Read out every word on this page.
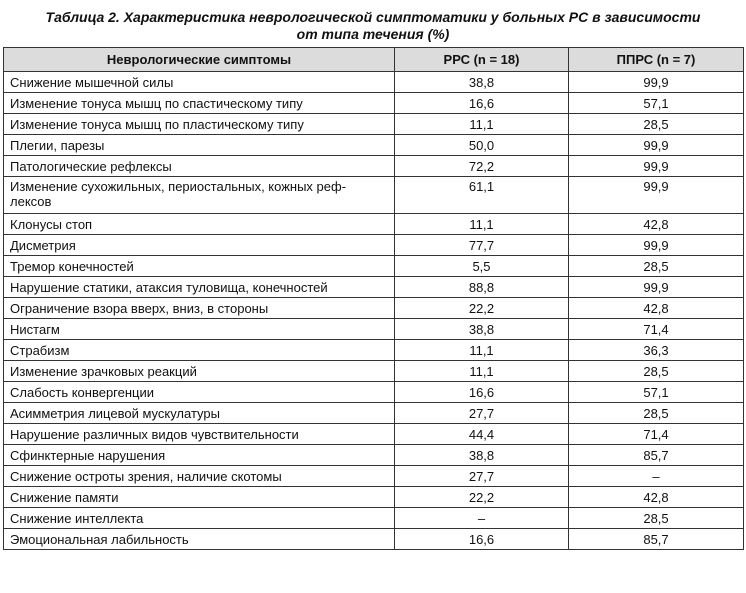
Таблица 2. Характеристика неврологической симптоматики у больных РС в зависимости
от типа течения (%)
Неврологические симптомы	РРС (n = 18)	ППРС (n = 7)
Снижение мышечной силы	38,8	99,9
Изменение тонуса мышц по спастическому типу	16,6	57,1
Изменение тонуса мышц по пластическому типу	11,1	28,5
Плегии, парезы	50,0	99,9
Патологические рефлексы	72,2	99,9
Изменение сухожильных, периостальных, кожных реф-
лексов	61,1	99,9
Клонусы стоп	11,1	42,8
Дисметрия	77,7	99,9
Тремор конечностей	5,5	28,5
Нарушение статики, атаксия туловища, конечностей	88,8	99,9
Ограничение взора вверх, вниз, в стороны	22,2	42,8
Нистагм	38,8	71,4
Страбизм	11,1	36,3
Изменение зрачковых реакций	11,1	28,5
Слабость конвергенции	16,6	57,1
Асимметрия лицевой мускулатуры	27,7	28,5
Нарушение различных видов чувствительности	44,4	71,4
Сфинктерные нарушения	38,8	85,7
Снижение остроты зрения, наличие скотомы	27,7	–
Снижение памяти	22,2	42,8
Снижение интеллекта	–	28,5
Эмоциональная лабильность	16,6	85,7
